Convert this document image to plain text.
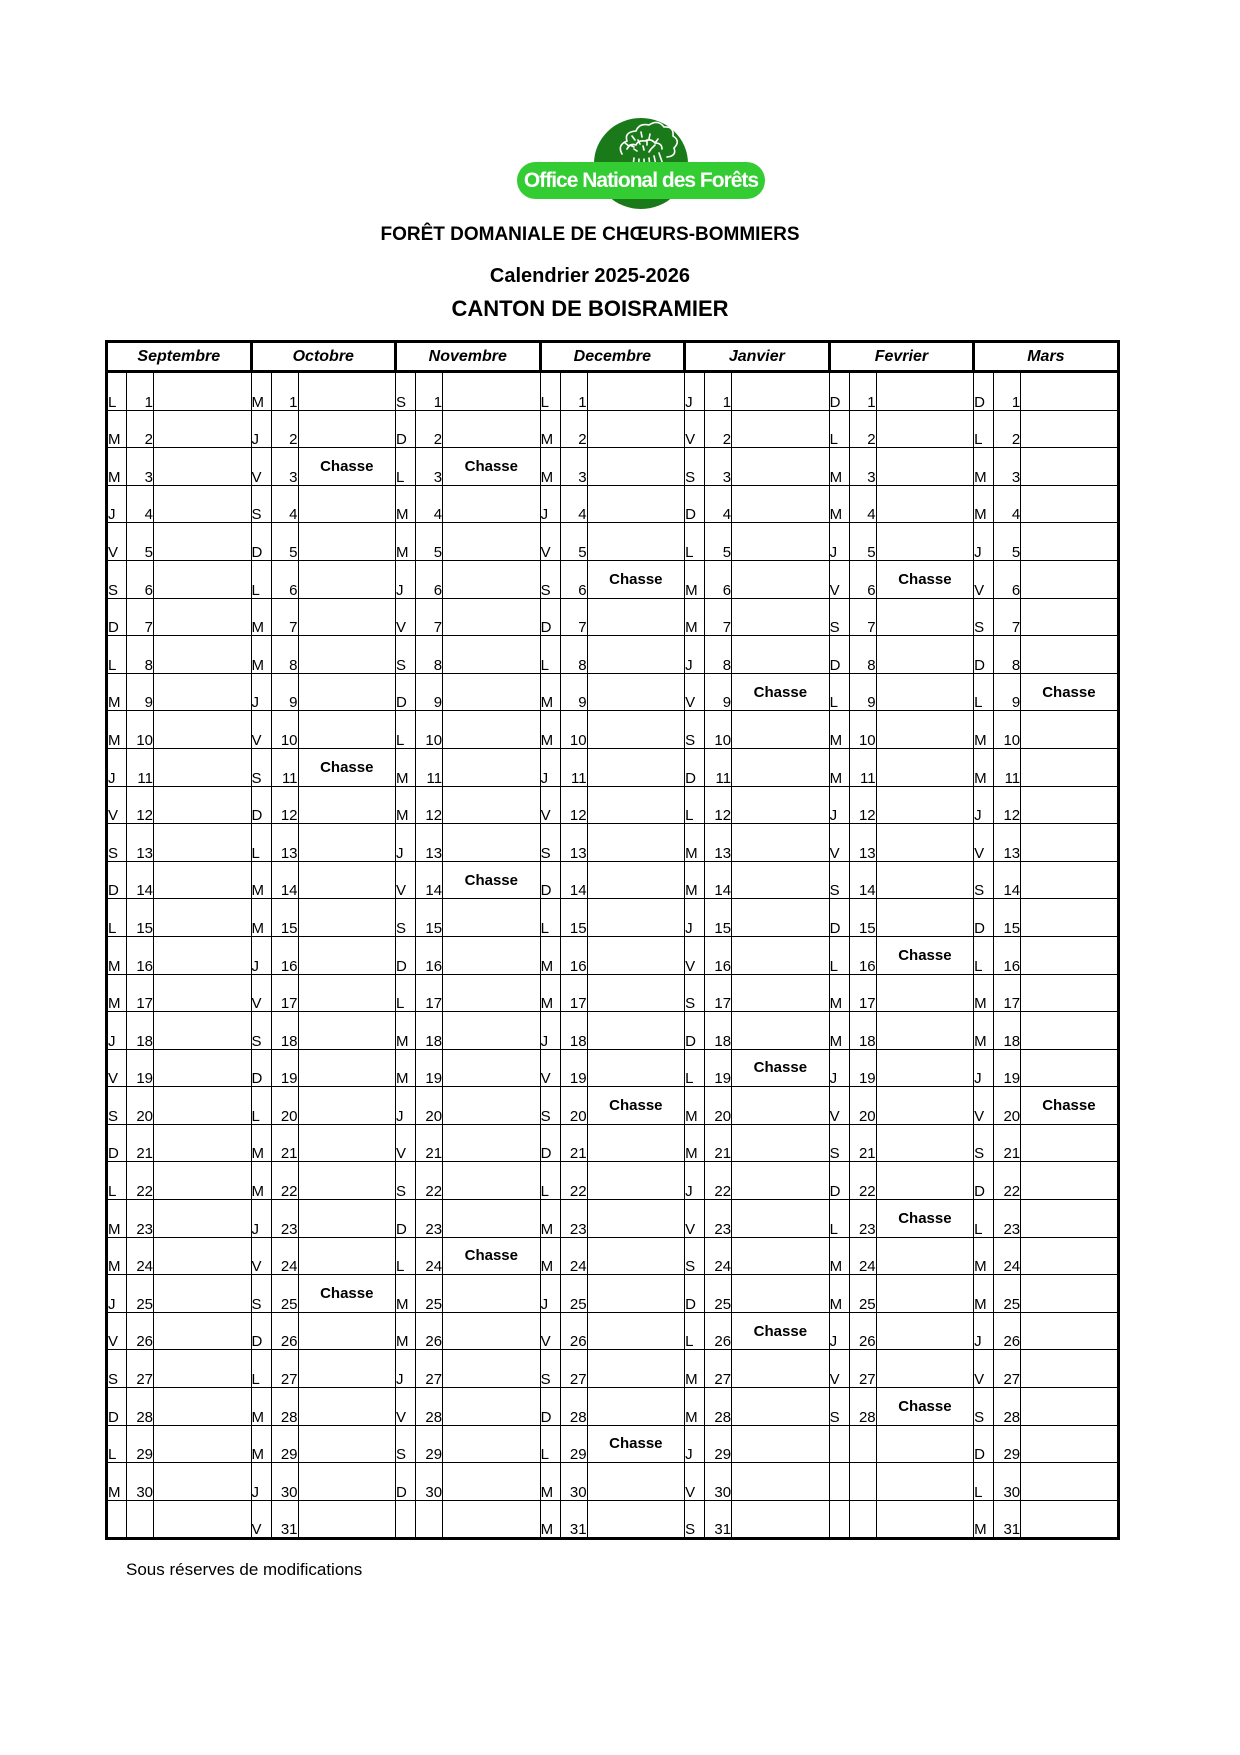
Office National des Forêts
FORÊT DOMANIALE DE CHŒURS-BOMMIERS
Calendrier 2025-2026
CANTON DE BOISRAMIER
Septembre			Octobre			Novembre			Decembre			Janvier			Fevrier			Mars		
L	1		M	1		S	1		L	1		J	1		D	1		D	1	
M	2		J	2		D	2		M	2		V	2		L	2		L	2	
M	3		V	3	Chasse	L	3	Chasse	M	3		S	3		M	3		M	3	
J	4		S	4		M	4		J	4		D	4		M	4		M	4	
V	5		D	5		M	5		V	5		L	5		J	5		J	5	
S	6		L	6		J	6		S	6	Chasse	M	6		V	6	Chasse	V	6	
D	7		M	7		V	7		D	7		M	7		S	7		S	7	
L	8		M	8		S	8		L	8		J	8		D	8		D	8	
M	9		J	9		D	9		M	9		V	9	Chasse	L	9		L	9	Chasse
M	10		V	10		L	10		M	10		S	10		M	10		M	10	
J	11		S	11	Chasse	M	11		J	11		D	11		M	11		M	11	
V	12		D	12		M	12		V	12		L	12		J	12		J	12	
S	13		L	13		J	13		S	13		M	13		V	13		V	13	
D	14		M	14		V	14	Chasse	D	14		M	14		S	14		S	14	
L	15		M	15		S	15		L	15		J	15		D	15		D	15	
M	16		J	16		D	16		M	16		V	16		L	16	Chasse	L	16	
M	17		V	17		L	17		M	17		S	17		M	17		M	17	
J	18		S	18		M	18		J	18		D	18		M	18		M	18	
V	19		D	19		M	19		V	19		L	19	Chasse	J	19		J	19	
S	20		L	20		J	20		S	20	Chasse	M	20		V	20		V	20	Chasse
D	21		M	21		V	21		D	21		M	21		S	21		S	21	
L	22		M	22		S	22		L	22		J	22		D	22		D	22	
M	23		J	23		D	23		M	23		V	23		L	23	Chasse	L	23	
M	24		V	24		L	24	Chasse	M	24		S	24		M	24		M	24	
J	25		S	25	Chasse	M	25		J	25		D	25		M	25		M	25	
V	26		D	26		M	26		V	26		L	26	Chasse	J	26		J	26	
S	27		L	27		J	27		S	27		M	27		V	27		V	27	
D	28		M	28		V	28		D	28		M	28		S	28	Chasse	S	28	
L	29		M	29		S	29		L	29	Chasse	J	29					D	29	
M	30		J	30		D	30		M	30		V	30					L	30	
			V	31					M	31		S	31					M	31	
Sous réserves de modifications
